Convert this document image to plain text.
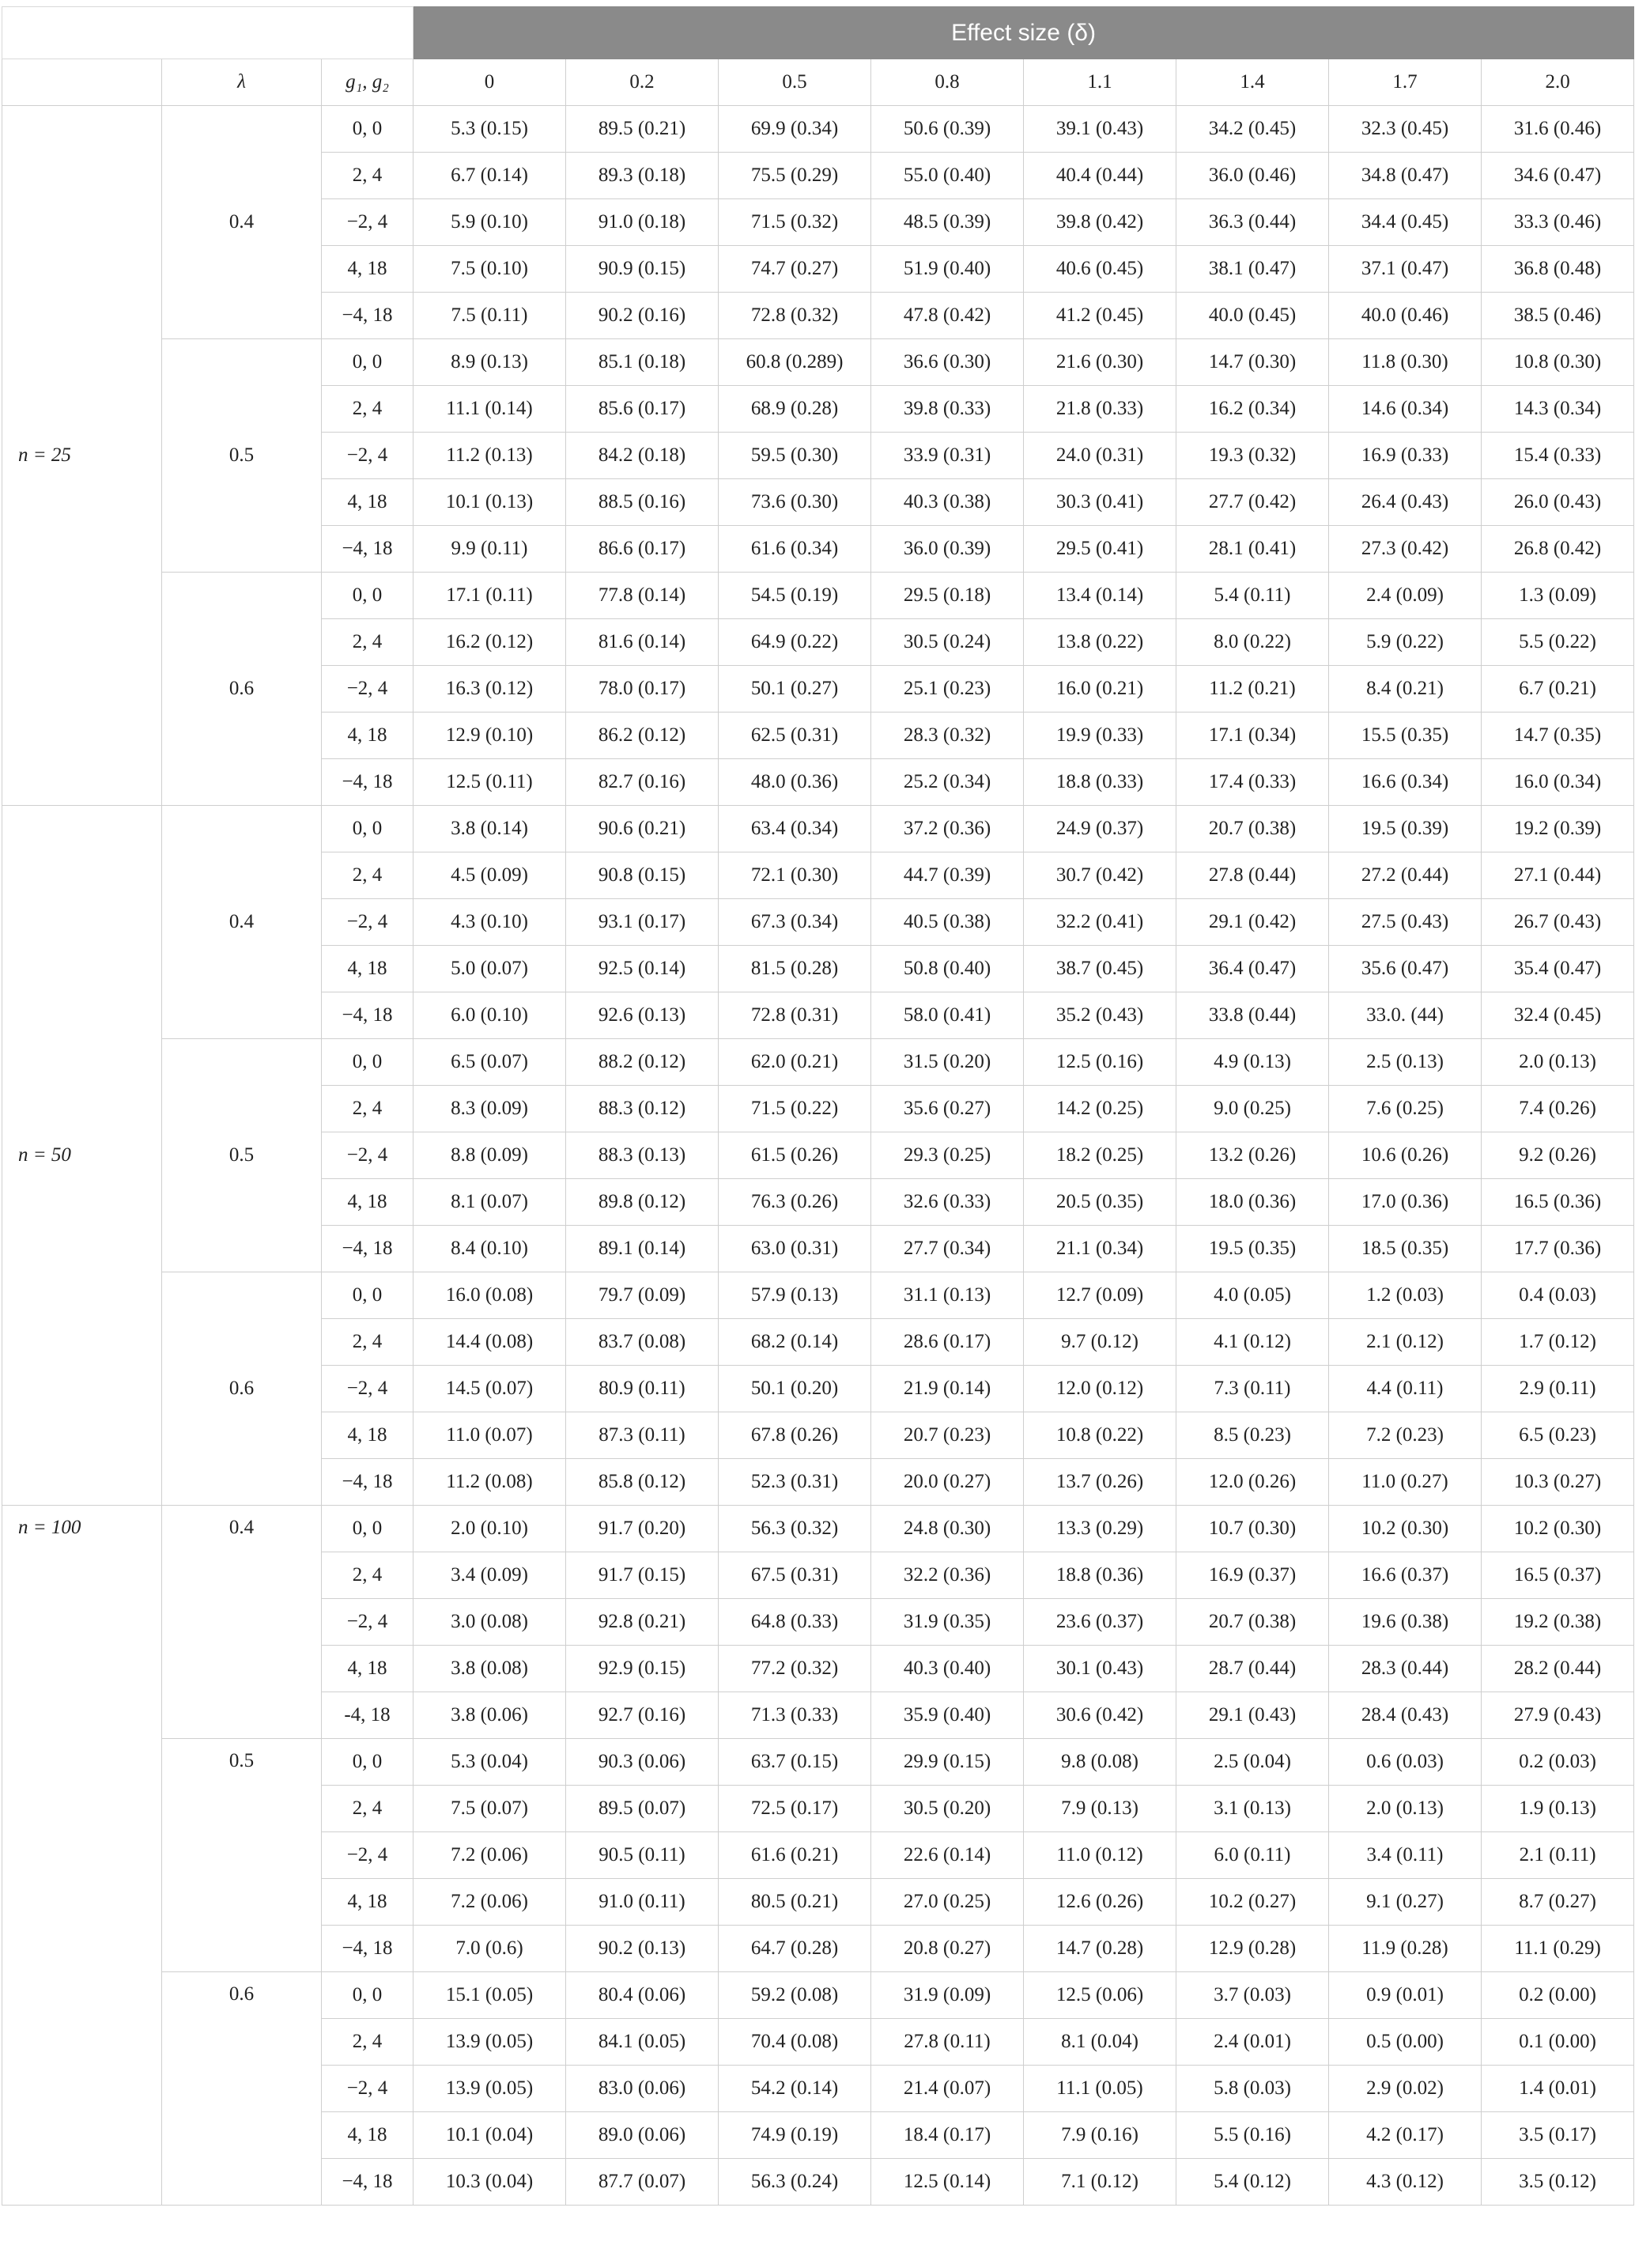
			Effect size (δ)							
	λ	g₁, g₂	0	0.2	0.5	0.8	1.1	1.4	1.7	2.0
n = 25	0.4	0, 0	5.3 (0.15)	89.5 (0.21)	69.9 (0.34)	50.6 (0.39)	39.1 (0.43)	34.2 (0.45)	32.3 (0.45)	31.6 (0.46)
		2, 4	6.7 (0.14)	89.3 (0.18)	75.5 (0.29)	55.0 (0.40)	40.4 (0.44)	36.0 (0.46)	34.8 (0.47)	34.6 (0.47)
		−2, 4	5.9 (0.10)	91.0 (0.18)	71.5 (0.32)	48.5 (0.39)	39.8 (0.42)	36.3 (0.44)	34.4 (0.45)	33.3 (0.46)
		4, 18	7.5 (0.10)	90.9 (0.15)	74.7 (0.27)	51.9 (0.40)	40.6 (0.45)	38.1 (0.47)	37.1 (0.47)	36.8 (0.48)
		−4, 18	7.5 (0.11)	90.2 (0.16)	72.8 (0.32)	47.8 (0.42)	41.2 (0.45)	40.0 (0.45)	40.0 (0.46)	38.5 (0.46)
	0.5	0, 0	8.9 (0.13)	85.1 (0.18)	60.8 (0.289)	36.6 (0.30)	21.6 (0.30)	14.7 (0.30)	11.8 (0.30)	10.8 (0.30)
		2, 4	11.1 (0.14)	85.6 (0.17)	68.9 (0.28)	39.8 (0.33)	21.8 (0.33)	16.2 (0.34)	14.6 (0.34)	14.3 (0.34)
		−2, 4	11.2 (0.13)	84.2 (0.18)	59.5 (0.30)	33.9 (0.31)	24.0 (0.31)	19.3 (0.32)	16.9 (0.33)	15.4 (0.33)
		4, 18	10.1 (0.13)	88.5 (0.16)	73.6 (0.30)	40.3 (0.38)	30.3 (0.41)	27.7 (0.42)	26.4 (0.43)	26.0 (0.43)
		−4, 18	9.9 (0.11)	86.6 (0.17)	61.6 (0.34)	36.0 (0.39)	29.5 (0.41)	28.1 (0.41)	27.3 (0.42)	26.8 (0.42)
	0.6	0, 0	17.1 (0.11)	77.8 (0.14)	54.5 (0.19)	29.5 (0.18)	13.4 (0.14)	5.4 (0.11)	2.4 (0.09)	1.3 (0.09)
		2, 4	16.2 (0.12)	81.6 (0.14)	64.9 (0.22)	30.5 (0.24)	13.8 (0.22)	8.0 (0.22)	5.9 (0.22)	5.5 (0.22)
		−2, 4	16.3 (0.12)	78.0 (0.17)	50.1 (0.27)	25.1 (0.23)	16.0 (0.21)	11.2 (0.21)	8.4 (0.21)	6.7 (0.21)
		4, 18	12.9 (0.10)	86.2 (0.12)	62.5 (0.31)	28.3 (0.32)	19.9 (0.33)	17.1 (0.34)	15.5 (0.35)	14.7 (0.35)
		−4, 18	12.5 (0.11)	82.7 (0.16)	48.0 (0.36)	25.2 (0.34)	18.8 (0.33)	17.4 (0.33)	16.6 (0.34)	16.0 (0.34)
n = 50	0.4	0, 0	3.8 (0.14)	90.6 (0.21)	63.4 (0.34)	37.2 (0.36)	24.9 (0.37)	20.7 (0.38)	19.5 (0.39)	19.2 (0.39)
		2, 4	4.5 (0.09)	90.8 (0.15)	72.1 (0.30)	44.7 (0.39)	30.7 (0.42)	27.8 (0.44)	27.2 (0.44)	27.1 (0.44)
		−2, 4	4.3 (0.10)	93.1 (0.17)	67.3 (0.34)	40.5 (0.38)	32.2 (0.41)	29.1 (0.42)	27.5 (0.43)	26.7 (0.43)
		4, 18	5.0 (0.07)	92.5 (0.14)	81.5 (0.28)	50.8 (0.40)	38.7 (0.45)	36.4 (0.47)	35.6 (0.47)	35.4 (0.47)
		−4, 18	6.0 (0.10)	92.6 (0.13)	72.8 (0.31)	58.0 (0.41)	35.2 (0.43)	33.8 (0.44)	33.0. (44)	32.4 (0.45)
	0.5	0, 0	6.5 (0.07)	88.2 (0.12)	62.0 (0.21)	31.5 (0.20)	12.5 (0.16)	4.9 (0.13)	2.5 (0.13)	2.0 (0.13)
		2, 4	8.3 (0.09)	88.3 (0.12)	71.5 (0.22)	35.6 (0.27)	14.2 (0.25)	9.0 (0.25)	7.6 (0.25)	7.4 (0.26)
		−2, 4	8.8 (0.09)	88.3 (0.13)	61.5 (0.26)	29.3 (0.25)	18.2 (0.25)	13.2 (0.26)	10.6 (0.26)	9.2 (0.26)
		4, 18	8.1 (0.07)	89.8 (0.12)	76.3 (0.26)	32.6 (0.33)	20.5 (0.35)	18.0 (0.36)	17.0 (0.36)	16.5 (0.36)
		−4, 18	8.4 (0.10)	89.1 (0.14)	63.0 (0.31)	27.7 (0.34)	21.1 (0.34)	19.5 (0.35)	18.5 (0.35)	17.7 (0.36)
	0.6	0, 0	16.0 (0.08)	79.7 (0.09)	57.9 (0.13)	31.1 (0.13)	12.7 (0.09)	4.0 (0.05)	1.2 (0.03)	0.4 (0.03)
		2, 4	14.4 (0.08)	83.7 (0.08)	68.2 (0.14)	28.6 (0.17)	9.7 (0.12)	4.1 (0.12)	2.1 (0.12)	1.7 (0.12)
		−2, 4	14.5 (0.07)	80.9 (0.11)	50.1 (0.20)	21.9 (0.14)	12.0 (0.12)	7.3 (0.11)	4.4 (0.11)	2.9 (0.11)
		4, 18	11.0 (0.07)	87.3 (0.11)	67.8 (0.26)	20.7 (0.23)	10.8 (0.22)	8.5 (0.23)	7.2 (0.23)	6.5 (0.23)
		−4, 18	11.2 (0.08)	85.8 (0.12)	52.3 (0.31)	20.0 (0.27)	13.7 (0.26)	12.0 (0.26)	11.0 (0.27)	10.3 (0.27)
n = 100	0.4	0, 0	2.0 (0.10)	91.7 (0.20)	56.3 (0.32)	24.8 (0.30)	13.3 (0.29)	10.7 (0.30)	10.2 (0.30)	10.2 (0.30)
		2, 4	3.4 (0.09)	91.7 (0.15)	67.5 (0.31)	32.2 (0.36)	18.8 (0.36)	16.9 (0.37)	16.6 (0.37)	16.5 (0.37)
		−2, 4	3.0 (0.08)	92.8 (0.21)	64.8 (0.33)	31.9 (0.35)	23.6 (0.37)	20.7 (0.38)	19.6 (0.38)	19.2 (0.38)
		4, 18	3.8 (0.08)	92.9 (0.15)	77.2 (0.32)	40.3 (0.40)	30.1 (0.43)	28.7 (0.44)	28.3 (0.44)	28.2 (0.44)
		-4, 18	3.8 (0.06)	92.7 (0.16)	71.3 (0.33)	35.9 (0.40)	30.6 (0.42)	29.1 (0.43)	28.4 (0.43)	27.9 (0.43)
	0.5	0, 0	5.3 (0.04)	90.3 (0.06)	63.7 (0.15)	29.9 (0.15)	9.8 (0.08)	2.5 (0.04)	0.6 (0.03)	0.2 (0.03)
		2, 4	7.5 (0.07)	89.5 (0.07)	72.5 (0.17)	30.5 (0.20)	7.9 (0.13)	3.1 (0.13)	2.0 (0.13)	1.9 (0.13)
		−2, 4	7.2 (0.06)	90.5 (0.11)	61.6 (0.21)	22.6 (0.14)	11.0 (0.12)	6.0 (0.11)	3.4 (0.11)	2.1 (0.11)
		4, 18	7.2 (0.06)	91.0 (0.11)	80.5 (0.21)	27.0 (0.25)	12.6 (0.26)	10.2 (0.27)	9.1 (0.27)	8.7 (0.27)
		−4, 18	7.0 (0.6)	90.2 (0.13)	64.7 (0.28)	20.8 (0.27)	14.7 (0.28)	12.9 (0.28)	11.9 (0.28)	11.1 (0.29)
	0.6	0, 0	15.1 (0.05)	80.4 (0.06)	59.2 (0.08)	31.9 (0.09)	12.5 (0.06)	3.7 (0.03)	0.9 (0.01)	0.2 (0.00)
		2, 4	13.9 (0.05)	84.1 (0.05)	70.4 (0.08)	27.8 (0.11)	8.1 (0.04)	2.4 (0.01)	0.5 (0.00)	0.1 (0.00)
		−2, 4	13.9 (0.05)	83.0 (0.06)	54.2 (0.14)	21.4 (0.07)	11.1 (0.05)	5.8 (0.03)	2.9 (0.02)	1.4 (0.01)
		4, 18	10.1 (0.04)	89.0 (0.06)	74.9 (0.19)	18.4 (0.17)	7.9 (0.16)	5.5 (0.16)	4.2 (0.17)	3.5 (0.17)
		−4, 18	10.3 (0.04)	87.7 (0.07)	56.3 (0.24)	12.5 (0.14)	7.1 (0.12)	5.4 (0.12)	4.3 (0.12)	3.5 (0.12)
